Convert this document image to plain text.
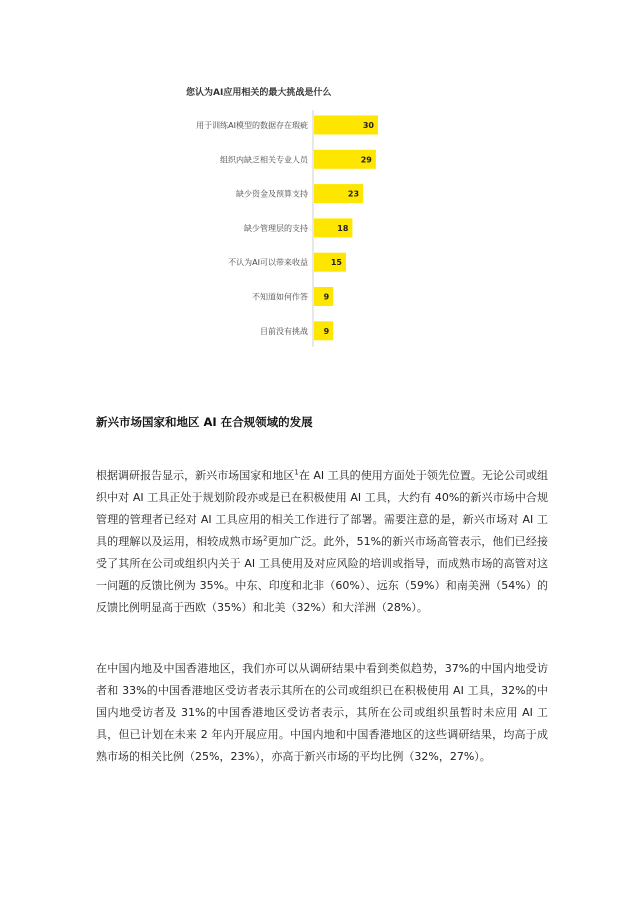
您认为AI应用相关的最大挑战是什么
用于训练AI模型的数据存在瑕疵	30
组织内缺乏相关专业人员	29
缺少资金及预算支持	23
缺少管理层的支持	18
不认为AI可以带来收益	15
不知道如何作答 9
目前没有挑战 9
新兴市场国家和地区 AI 在合规领域的发展

根据调研报告显示，新兴市场国家和地区$^1$在 AI 工具的使用方面处于领先位置。无论公司或组织中对 AI 工具正处于规划阶段亦或是已在积极使用 AI 工具，大约有 40%的新兴市场中合规管理的管理者已经对 AI 工具应用的相关工作进行了部署。需要注意的是，新兴市场对 AI 工具的理解以及运用，相较成熟市场$^2$更加广泛。此外，51%的新兴市场高管表示，他们已经接受了其所在公司或组织内关于 AI 工具使用及对应风险的培训或指导，而成熟市场的高管对这一问题的反馈比例为 35%。中东、印度和北非（60%）、远东（59%）和南美洲（54%）的反馈比例明显高于西欧（35%）和北美（32%）和大洋洲（28%）。

在中国内地及中国香港地区，我们亦可以从调研结果中看到类似趋势，37%的中国内地受访者和 33%的中国香港地区受访者表示其所在的公司或组织已在积极使用 AI 工具，32%的中国内地受访者及 31%的中国香港地区受访者表示，其所在公司或组织虽暂时未应用 AI 工具，但已计划在未来 2 年内开展应用。中国内地和中国香港地区的这些调研结果，均高于成熟市场的相关比例（25%，23%），亦高于新兴市场的平均比例（32%，27%）。
